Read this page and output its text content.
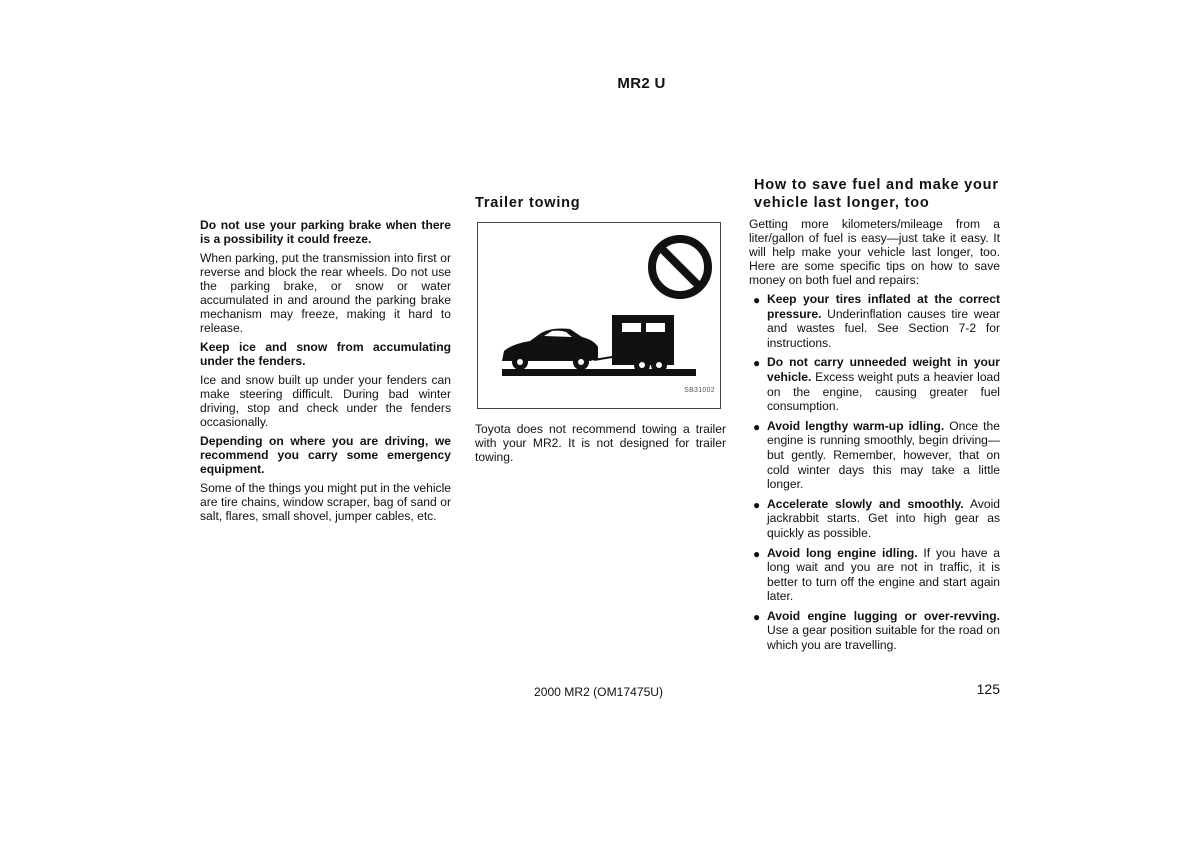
MR2 U

Do not use your parking brake when there is a possibility it could freeze.

When parking, put the transmission into first or reverse and block the rear wheels. Do not use the parking brake, or snow or water accumulated in and around the parking brake mechanism may freeze, making it hard to release.

Keep ice and snow from accumulating under the fenders.

Ice and snow built up under your fenders can make steering difficult. During bad winter driving, stop and check under the fenders occasionally.

Depending on where you are driving, we recommend you carry some emergency equipment.

Some of the things you might put in the vehicle are tire chains, window scraper, bag of sand or salt, flares, small shovel, jumper cables, etc.

Trailer towing
SB31002

Toyota does not recommend towing a trailer with your MR2. It is not designed for trailer towing.

How to save fuel and make your vehicle last longer, too

Getting more kilometers/mileage from a liter/gallon of fuel is easy—just take it easy. It will help make your vehicle last longer, too. Here are some specific tips on how to save money on both fuel and repairs:

● Keep your tires inflated at the correct pressure. Underinflation causes tire wear and wastes fuel. See Section 7-2 for instructions.
● Do not carry unneeded weight in your vehicle. Excess weight puts a heavier load on the engine, causing greater fuel consumption.
● Avoid lengthy warm-up idling. Once the engine is running smoothly, begin driving—but gently. Remember, however, that on cold winter days this may take a little longer.
● Accelerate slowly and smoothly. Avoid jackrabbit starts. Get into high gear as quickly as possible.
● Avoid long engine idling. If you have a long wait and you are not in traffic, it is better to turn off the engine and start again later.
● Avoid engine lugging or over-revving. Use a gear position suitable for the road on which you are travelling.
2000 MR2 (OM17475U)	125
